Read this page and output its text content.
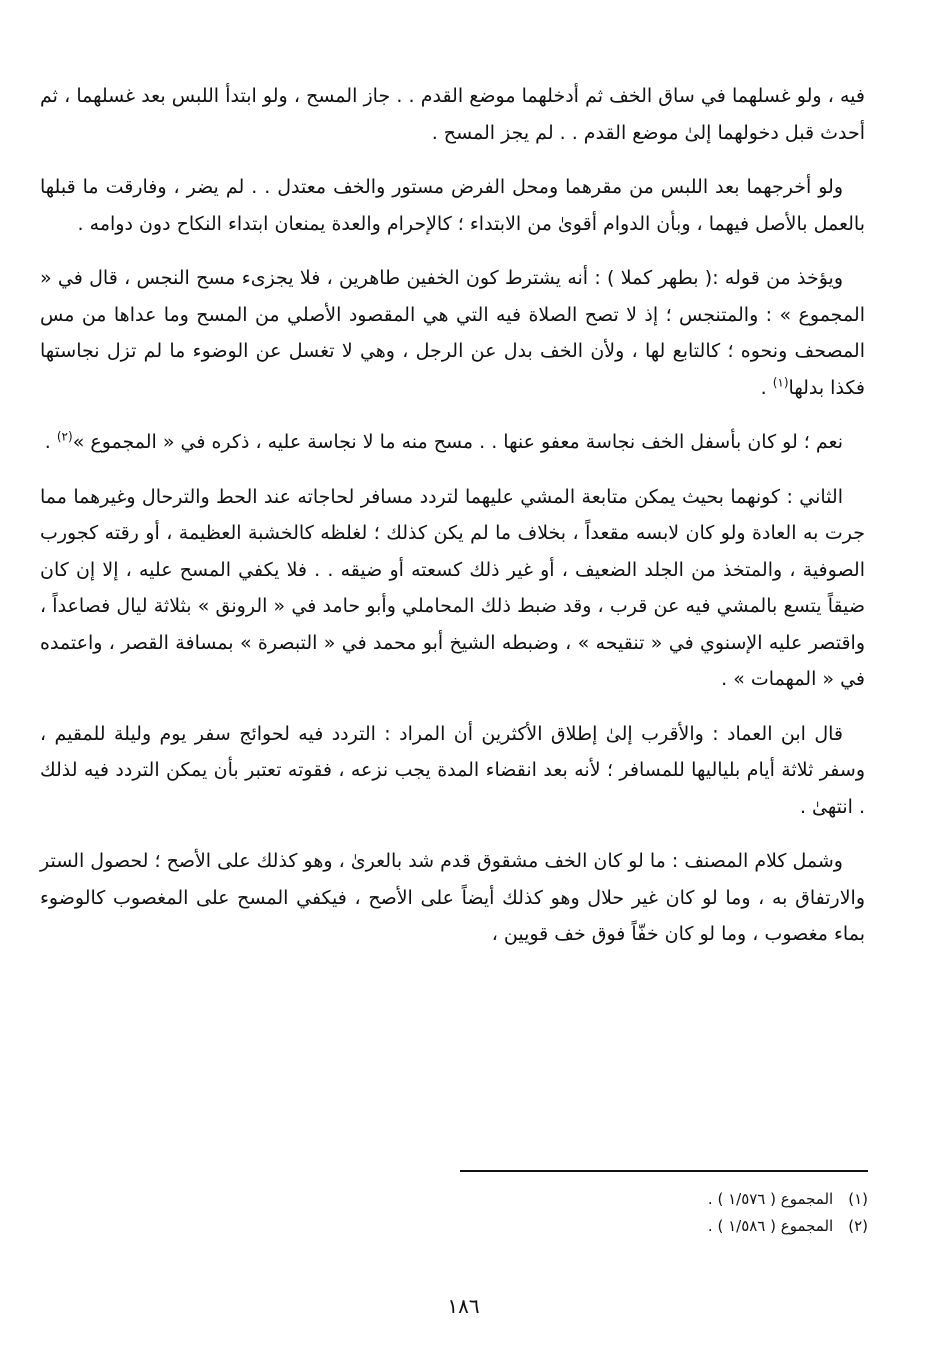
فيه ، ولو غسلهما في ساق الخف ثم أدخلهما موضع القدم . . جاز المسح ، ولو ابتدأ اللبس بعد غسلهما ، ثم أحدث قبل دخولهما إلىٰ موضع القدم . . لم يجز المسح .

ولو أخرجهما بعد اللبس من مقرهما ومحل الفرض مستور والخف معتدل . . لم يضر ، وفارقت ما قبلها بالعمل بالأصل فيهما ، وبأن الدوام أقوىٰ من الابتداء ؛ كالإحرام والعدة يمنعان ابتداء النكاح دون دوامه .

ويؤخذ من قوله :( بطهر كملا ) : أنه يشترط كون الخفين طاهرين ، فلا يجزىء مسح النجس ، قال في « المجموع » : والمتنجس ؛ إذ لا تصح الصلاة فيه التي هي المقصود الأصلي من المسح وما عداها من مس المصحف ونحوه ؛ كالتابع لها ، ولأن الخف بدل عن الرجل ، وهي لا تغسل عن الوضوء ما لم تزل نجاستها فكذا بدلها$^{(١)}$ .

نعم ؛ لو كان بأسفل الخف نجاسة معفو عنها . . مسح منه ما لا نجاسة عليه ، ذكره في « المجموع »$^{(٢)}$ .

الثاني : كونهما بحيث يمكن متابعة المشي عليهما لتردد مسافر لحاجاته عند الحط والترحال وغيرهما مما جرت به العادة ولو كان لابسه مقعداً ، بخلاف ما لم يكن كذلك ؛ لغلظه كالخشبة العظيمة ، أو رقته كجورب الصوفية ، والمتخذ من الجلد الضعيف ، أو غير ذلك كسعته أو ضيقه . . فلا يكفي المسح عليه ، إلا إن كان ضيقاً يتسع بالمشي فيه عن قرب ، وقد ضبط ذلك المحاملي وأبو حامد في « الرونق » بثلاثة ليال فصاعداً ، واقتصر عليه الإسنوي في « تنقيحه » ، وضبطه الشيخ أبو محمد في « التبصرة » بمسافة القصر ، واعتمده في « المهمات » .

قال ابن العماد : والأقرب إلىٰ إطلاق الأكثرين أن المراد : التردد فيه لحوائج سفر يوم وليلة للمقيم ، وسفر ثلاثة أيام بلياليها للمسافر ؛ لأنه بعد انقضاء المدة يجب نزعه ، فقوته تعتبر بأن يمكن التردد فيه لذلك . انتهىٰ .

وشمل كلام المصنف : ما لو كان الخف مشقوق قدم شد بالعرىٰ ، وهو كذلك على الأصح ؛ لحصول الستر والارتفاق به ، وما لو كان غير حلال وهو كذلك أيضاً على الأصح ، فيكفي المسح على المغصوب كالوضوء بماء مغصوب ، وما لو كان خفّاً فوق خف قويين ،

(١) المجموع ( ١/٥٧٦ ) .
(٢) المجموع ( ١/٥٨٦ ) .
١٨٦
